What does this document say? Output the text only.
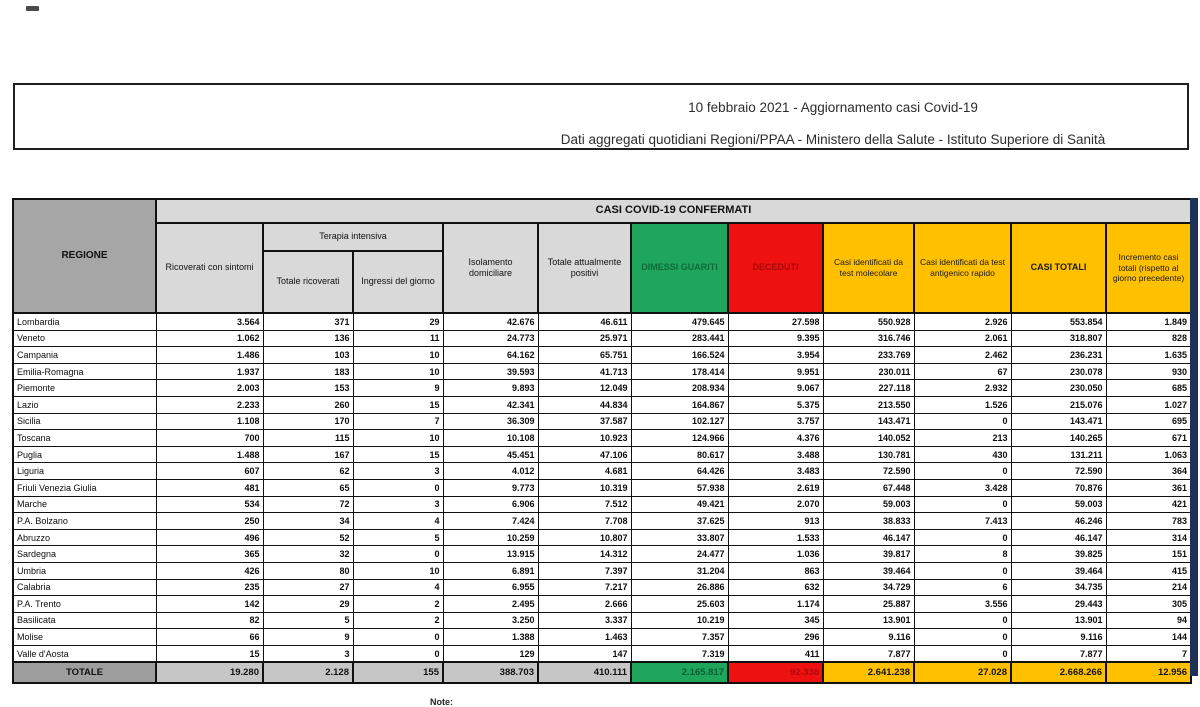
10 febbraio 2021 - Aggiornamento casi Covid-19
Dati aggregati quotidiani Regioni/PPAA - Ministero della Salute - Istituto Superiore di Sanità
REGIONE	CASI COVID-19 CONFERMATI										
	Ricoverati con sintomi	Terapia intensiva		Isolamento domiciliare	Totale attualmente positivi	DIMESSI GUARITI	DECEDUTI	Casi identificati da test molecolare	Casi identificati da test antigenico rapido	CASI TOTALI	Incremento casi totali (rispetto al giorno precedente)
		Totale ricoverati	Ingressi del giorno								
Lombardia	3.564	371	29	42.676	46.611	479.645	27.598	550.928	2.926	553.854	1.849
Veneto	1.062	136	11	24.773	25.971	283.441	9.395	316.746	2.061	318.807	828
Campania	1.486	103	10	64.162	65.751	166.524	3.954	233.769	2.462	236.231	1.635
Emilia-Romagna	1.937	183	10	39.593	41.713	178.414	9.951	230.011	67	230.078	930
Piemonte	2.003	153	9	9.893	12.049	208.934	9.067	227.118	2.932	230.050	685
Lazio	2.233	260	15	42.341	44.834	164.867	5.375	213.550	1.526	215.076	1.027
Sicilia	1.108	170	7	36.309	37.587	102.127	3.757	143.471	0	143.471	695
Toscana	700	115	10	10.108	10.923	124.966	4.376	140.052	213	140.265	671
Puglia	1.488	167	15	45.451	47.106	80.617	3.488	130.781	430	131.211	1.063
Liguria	607	62	3	4.012	4.681	64.426	3.483	72.590	0	72.590	364
Friuli Venezia Giulia	481	65	0	9.773	10.319	57.938	2.619	67.448	3.428	70.876	361
Marche	534	72	3	6.906	7.512	49.421	2.070	59.003	0	59.003	421
P.A. Bolzano	250	34	4	7.424	7.708	37.625	913	38.833	7.413	46.246	783
Abruzzo	496	52	5	10.259	10.807	33.807	1.533	46.147	0	46.147	314
Sardegna	365	32	0	13.915	14.312	24.477	1.036	39.817	8	39.825	151
Umbria	426	80	10	6.891	7.397	31.204	863	39.464	0	39.464	415
Calabria	235	27	4	6.955	7.217	26.886	632	34.729	6	34.735	214
P.A. Trento	142	29	2	2.495	2.666	25.603	1.174	25.887	3.556	29.443	305
Basilicata	82	5	2	3.250	3.337	10.219	345	13.901	0	13.901	94
Molise	66	9	0	1.388	1.463	7.357	296	9.116	0	9.116	144
Valle d'Aosta	15	3	0	129	147	7.319	411	7.877	0	7.877	7
TOTALE	19.280	2.128	155	388.703	410.111	2.165.817	92.338	2.641.238	27.028	2.668.266	12.956
Note:
